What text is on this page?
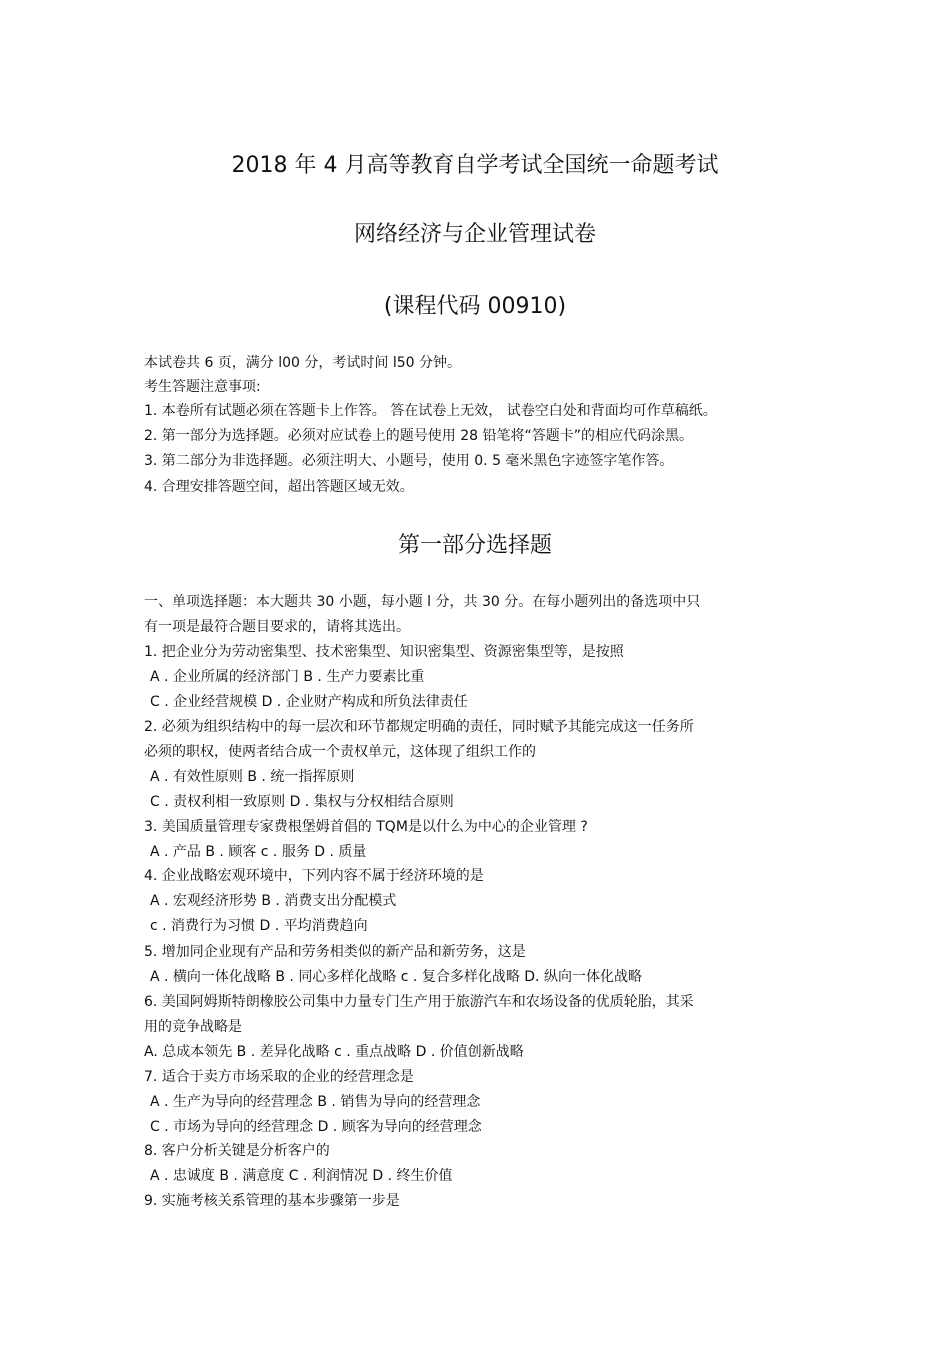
2018 年 4 月高等教育自学考试全国统一命题考试
网络经济与企业管理试卷
(课程代码 00910)
本试卷共 6 页，满分 l00 分，考试时间 l50 分钟。
考生答题注意事项:
1. 本卷所有试题必须在答题卡上作答。 答在试卷上无效， 试卷空白处和背面均可作草稿纸。
2. 第一部分为选择题。必须对应试卷上的题号使用 28 铅笔将“答题卡”的相应代码涂黑。
3. 第二部分为非选择题。必须注明大、小题号，使用 0. 5 毫米黑色字迹签字笔作答。
4. 合理安排答题空间，超出答题区域无效。
第一部分选择题
一、单项选择题：本大题共 30 小题，每小题 l 分，共 30 分。在每小题列出的备选项中只
有一项是最符合题目要求的，请将其选出。
1. 把企业分为劳动密集型、技术密集型、知识密集型、资源密集型等，是按照
A . 企业所属的经济部门 B . 生产力要素比重
C . 企业经营规模 D . 企业财产构成和所负法律责任
2. 必须为组织结构中的每一层次和环节都规定明确的责任，同时赋予其能完成这一任务所
必须的职权，使两者结合成一个责权单元，这体现了组织工作的
A . 有效性原则 B . 统一指挥原则
C . 责权利相一致原则 D . 集权与分权相结合原则
3. 美国质量管理专家费根堡姆首倡的 TQM是以什么为中心的企业管理 ?
A . 产品 B . 顾客 c . 服务 D . 质量
4. 企业战略宏观环境中，下列内容不属于经济环境的是
A . 宏观经济形势 B . 消费支出分配模式
c . 消费行为习惯 D . 平均消费趋向
5. 增加同企业现有产品和劳务相类似的新产品和新劳务，这是
A . 横向一体化战略 B . 同心多样化战略 c . 复合多样化战略 D. 纵向一体化战略
6. 美国阿姆斯特朗橡胶公司集中力量专门生产用于旅游汽车和农场设备的优质轮胎，其采
用的竞争战略是
A. 总成本领先 B . 差异化战略 c . 重点战略 D . 价值创新战略
7. 适合于卖方市场采取的企业的经营理念是
A . 生产为导向的经营理念 B . 销售为导向的经营理念
C . 市场为导向的经营理念 D . 顾客为导向的经营理念
8. 客户分析关键是分析客户的
A . 忠诚度 B . 满意度 C . 利润情况 D . 终生价值
9. 实施考核关系管理的基本步骤第一步是
